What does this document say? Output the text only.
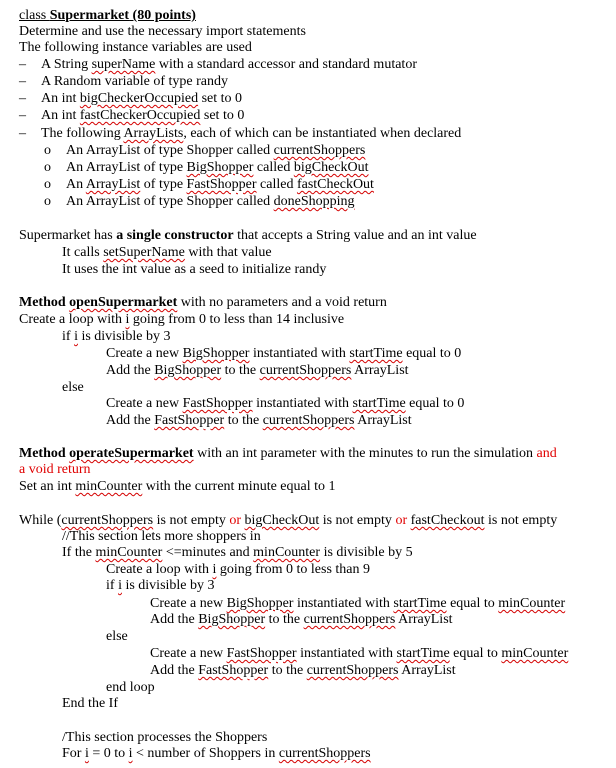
class Supermarket (80 points)
Determine and use the necessary import statements
The following instance variables are used
– A String superName with a standard accessor and standard mutator
– A Random variable of type randy
– An int bigCheckerOccupied set to 0
– An int fastCheckerOccupied set to 0
– The following ArrayLists, each of which can be instantiated when declared
o An ArrayList of type Shopper called currentShoppers
o An ArrayList of type BigShopper called bigCheckOut
o An ArrayList of type FastShopper called fastCheckOut
o An ArrayList of type Shopper called doneShopping
Supermarket has a single constructor that accepts a String value and an int value
It calls setSuperName with that value
It uses the int value as a seed to initialize randy
Method openSupermarket with no parameters and a void return
Create a loop with i going from 0 to less than 14 inclusive
if i is divisible by 3
Create a new BigShopper instantiated with startTime equal to 0
Add the BigShopper to the currentShoppers ArrayList
else
Create a new FastShopper instantiated with startTime equal to 0
Add the FastShopper to the currentShoppers ArrayList
Method operateSupermarket with an int parameter with the minutes to run the simulation and
a void return
Set an int minCounter with the current minute equal to 1
While (currentShoppers is not empty or bigCheckOut is not empty or fastCheckout is not empty
//This section lets more shoppers in
If the minCounter <=minutes and minCounter is divisible by 5
Create a loop with i going from 0 to less than 9
if i is divisible by 3
Create a new BigShopper instantiated with startTime equal to minCounter
Add the BigShopper to the currentShoppers ArrayList
else
Create a new FastShopper instantiated with startTime equal to minCounter
Add the FastShopper to the currentShoppers ArrayList
end loop
End the If
/This section processes the Shoppers
For i = 0 to i < number of Shoppers in currentShoppers
